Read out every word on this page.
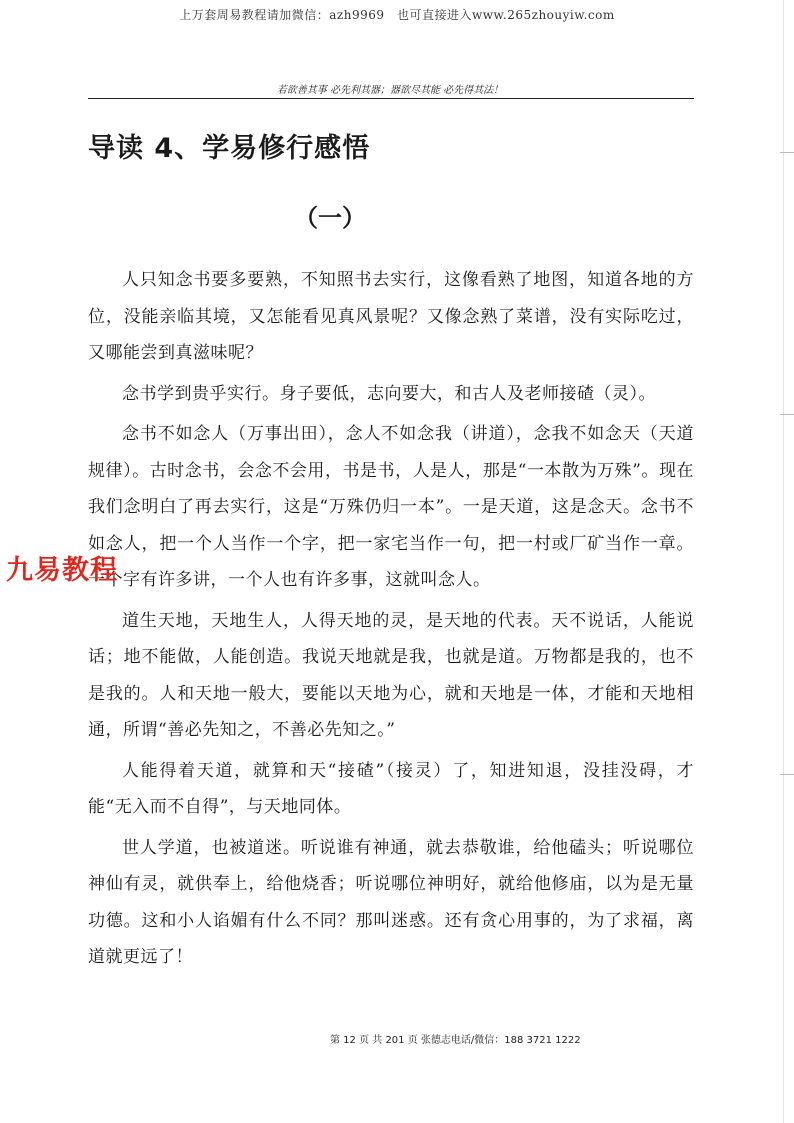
上万套周易教程请加微信：azh9969　也可直接进入www.265zhouyiw.com
若欲善其事 必先利其器；器欲尽其能 必先得其法！
导读 4、学易修行感悟
（一）

人只知念书要多要熟，不知照书去实行，这像看熟了地图，知道各地的方位，没能亲临其境，又怎能看见真风景呢？又像念熟了菜谱，没有实际吃过，又哪能尝到真滋味呢？

念书学到贵乎实行。身子要低，志向要大，和古人及老师接碴（灵）。

念书不如念人（万事出田），念人不如念我（讲道），念我不如念天（天道规律）。古时念书，会念不会用，书是书，人是人，那是“一本散为万殊”。现在我们念明白了再去实行，这是“万殊仍归一本”。一是天道，这是念天。念书不如念人，把一个人当作一个字，把一家宅当作一句，把一村或厂矿当作一章。一个字有许多讲，一个人也有许多事，这就叫念人。

道生天地，天地生人，人得天地的灵，是天地的代表。天不说话，人能说话；地不能做，人能创造。我说天地就是我，也就是道。万物都是我的，也不是我的。人和天地一般大，要能以天地为心，就和天地是一体，才能和天地相通，所谓“善必先知之，不善必先知之。”

人能得着天道，就算和天“接碴”（接灵）了，知进知退，没挂没碍，才能“无入而不自得”，与天地同体。

世人学道，也被道迷。听说谁有神通，就去恭敬谁，给他磕头；听说哪位神仙有灵，就供奉上，给他烧香；听说哪位神明好，就给他修庙，以为是无量功德。这和小人谄媚有什么不同？那叫迷惑。还有贪心用事的，为了求福，离道就更远了！

九易教程
第 12 页 共 201 页 张德志电话/微信：188 3721 1222
